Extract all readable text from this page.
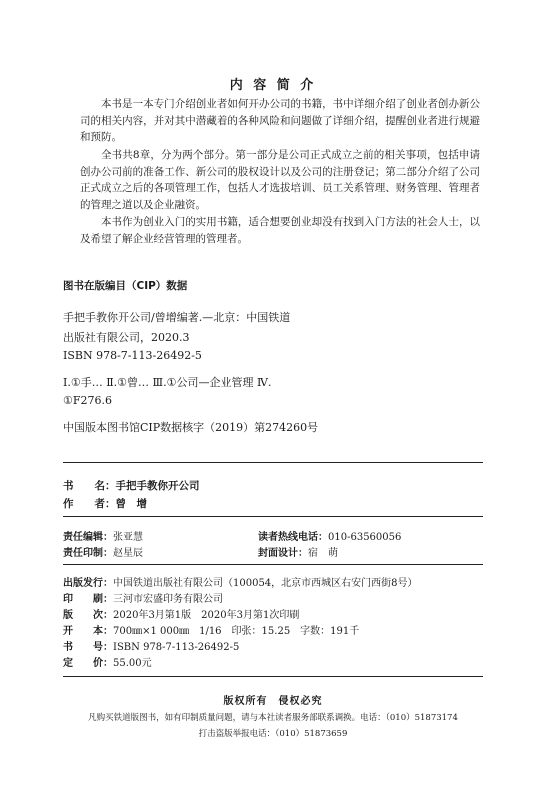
内 容 简 介

本书是一本专门介绍创业者如何开办公司的书籍，书中详细介绍了创业者创办新公司的相关内容，并对其中潜藏着的各种风险和问题做了详细介绍，提醒创业者进行规避和预防。

全书共8章，分为两个部分。第一部分是公司正式成立之前的相关事项，包括申请创办公司前的准备工作、新公司的股权设计以及公司的注册登记；第二部分介绍了公司正式成立之后的各项管理工作，包括人才选拔培训、员工关系管理、财务管理、管理者的管理之道以及企业融资。

本书作为创业入门的实用书籍，适合想要创业却没有找到入门方法的社会人士，以及希望了解企业经营管理的管理者。

图书在版编目（CIP）数据
手把手教你开公司/曾增编著.—北京：中国铁道
出版社有限公司，2020.3
ISBN 978-7-113-26492-5
Ⅰ.①手… Ⅱ.①曾… Ⅲ.①公司—企业管理 Ⅳ.
①F276.6
中国版本图书馆CIP数据核字（2019）第274260号
书　　名：手把手教你开公司
作　　者：曾　增
责任编辑：张亚慧	读者热线电话：010-63560056
责任印制：赵星辰	封面设计：宿　萌
出版发行：中国铁道出版社有限公司（100054，北京市西城区右安门西街8号）
印　　刷：三河市宏盛印务有限公司
版　　次：2020年3月第1版　2020年3月第1次印刷
开　　本：700㎜×1 000㎜　1/16　印张：15.25　字数：191千
书　　号：ISBN 978-7-113-26492-5
定　　价：55.00元
版权所有　侵权必究
凡购买铁道版图书，如有印制质量问题，请与本社读者服务部联系调换。电话：（010）51873174
打击盗版举报电话：（010）51873659
